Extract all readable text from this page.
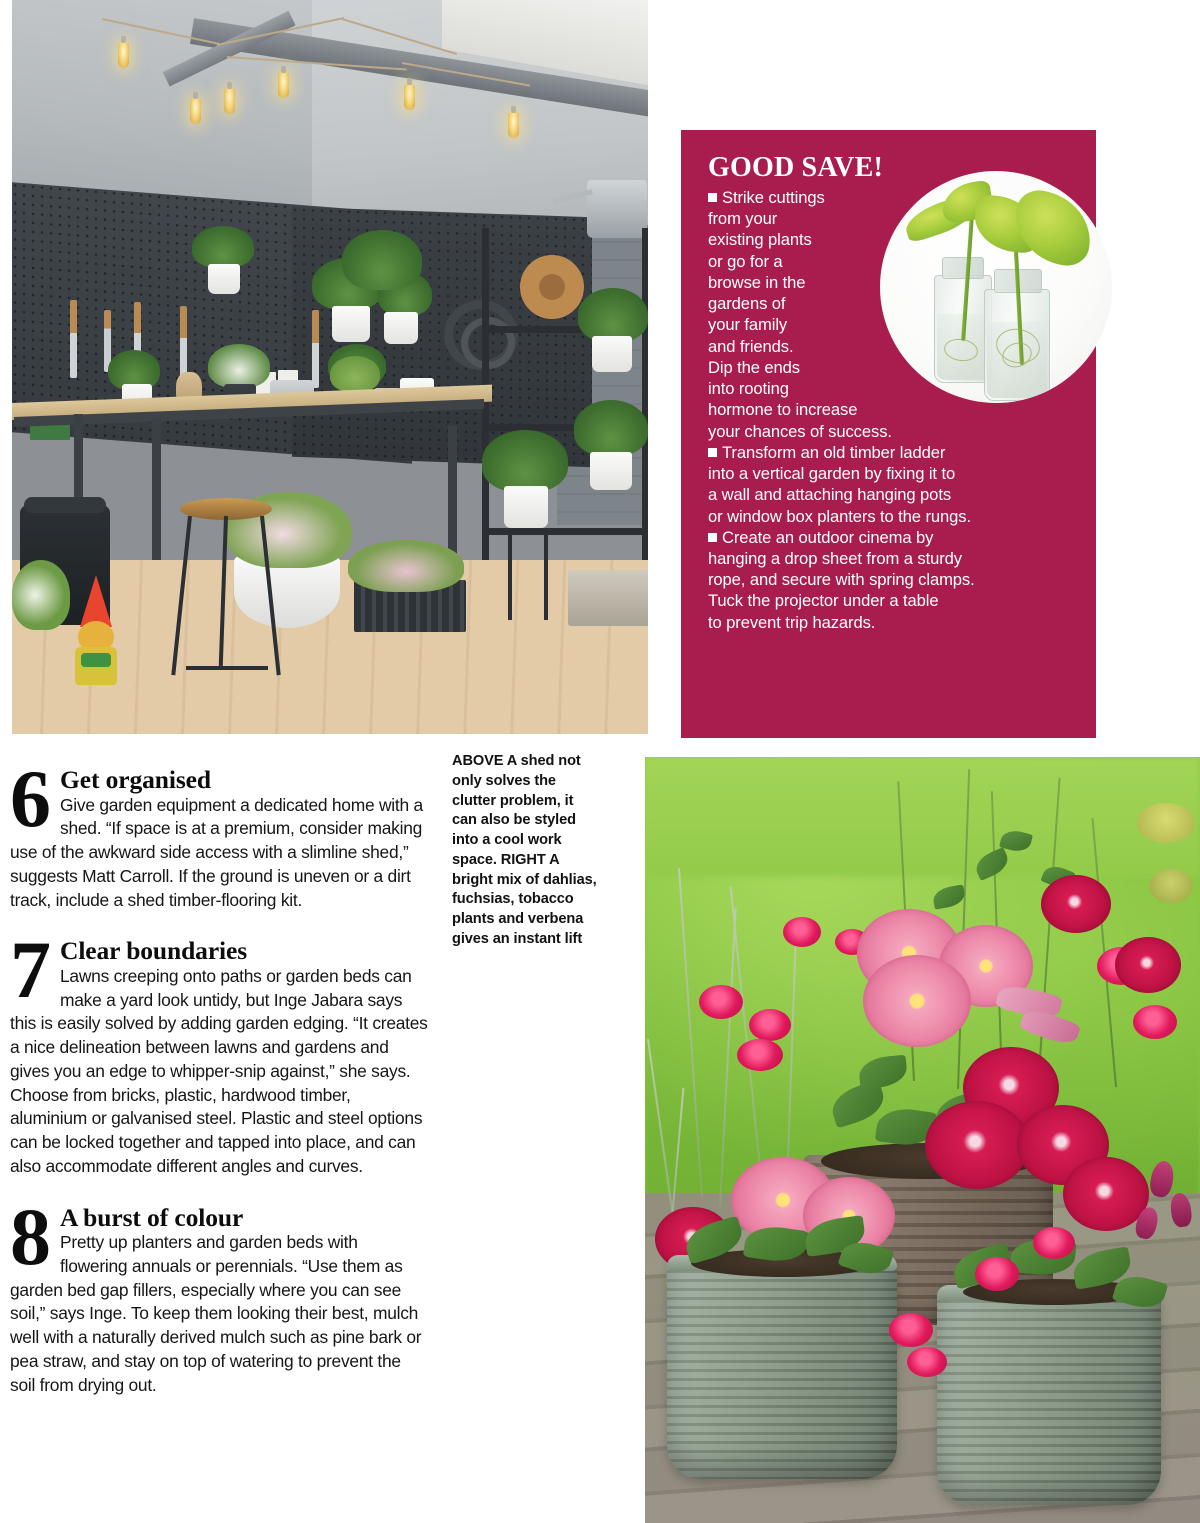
GOOD SAVE!
Strike cuttings
from your
existing plants
or go for a
browse in the
gardens of
your family
and friends.
Dip the ends
into rooting
hormone to increase
your chances of success.
Transform an old timber ladder
into a vertical garden by fixing it to
a wall and attaching hanging pots
or window box planters to the rungs.
Create an outdoor cinema by
hanging a drop sheet from a sturdy
rope, and secure with spring clamps.
Tuck the projector under a table
to prevent trip hazards.
ABOVE A shed not only solves the clutter problem, it can also be styled into a cool work space. RIGHT A bright mix of dahlias, fuchsias, tobacco plants and verbena gives an instant lift
6 Get organised
Give garden equipment a dedicated home with a shed. “If space is at a premium, consider making use of the awkward side access with a slimline shed,” suggests Matt Carroll. If the ground is uneven or a dirt track, include a shed timber-flooring kit.
7 Clear boundaries
Lawns creeping onto paths or garden beds can make a yard look untidy, but Inge Jabara says this is easily solved by adding garden edging. “It creates a nice delineation between lawns and gardens and gives you an edge to whipper-snip against,” she says. Choose from bricks, plastic, hardwood timber, aluminium or galvanised steel. Plastic and steel options can be locked together and tapped into place, and can also accommodate different angles and curves.
8 A burst of colour
Pretty up planters and garden beds with flowering annuals or perennials. “Use them as garden bed gap fillers, especially where you can see soil,” says Inge. To keep them looking their best, mulch well with a naturally derived mulch such as pine bark or pea straw, and stay on top of watering to prevent the soil from drying out.
